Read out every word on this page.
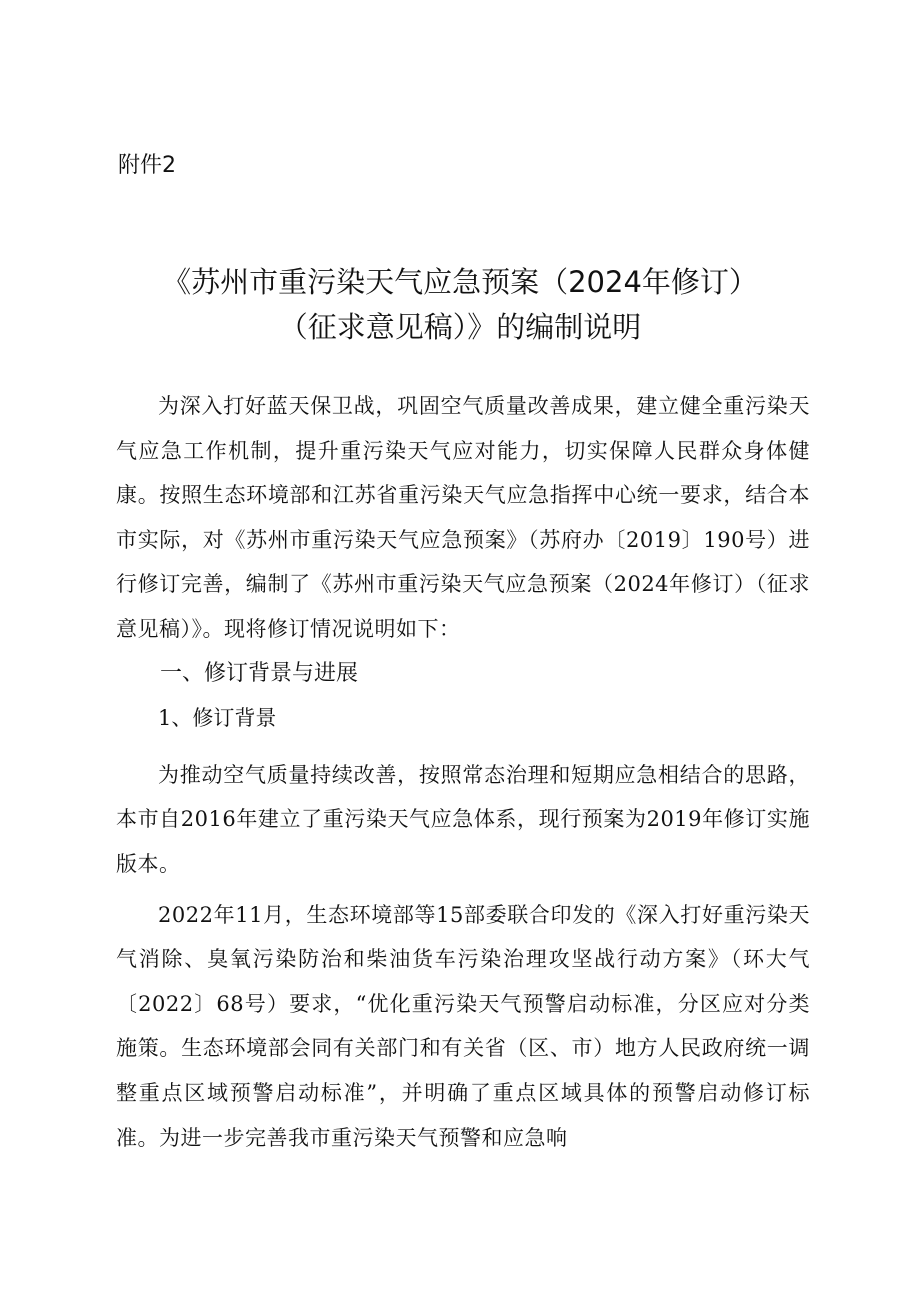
附件2
《苏州市重污染天气应急预案（2024年修订）
（征求意见稿）》的编制说明

为深入打好蓝天保卫战，巩固空气质量改善成果，建立健全重污染天气应急工作机制，提升重污染天气应对能力，切实保障人民群众身体健康。按照生态环境部和江苏省重污染天气应急指挥中心统一要求，结合本市实际，对《苏州市重污染天气应急预案》（苏府办〔2019〕190号）进行修订完善，编制了《苏州市重污染天气应急预案（2024年修订）（征求意见稿）》。现将修订情况说明如下：

一、修订背景与进展

1、修订背景

为推动空气质量持续改善，按照常态治理和短期应急相结合的思路，本市自2016年建立了重污染天气应急体系，现行预案为2019年修订实施版本。

2022年11月，生态环境部等15部委联合印发的《深入打好重污染天气消除、臭氧污染防治和柴油货车污染治理攻坚战行动方案》（环大气〔2022〕68号）要求，“优化重污染天气预警启动标准，分区应对分类施策。生态环境部会同有关部门和有关省（区、市）地方人民政府统一调整重点区域预警启动标准”，并明确了重点区域具体的预警启动修订标准。为进一步完善我市重污染天气预警和应急响
